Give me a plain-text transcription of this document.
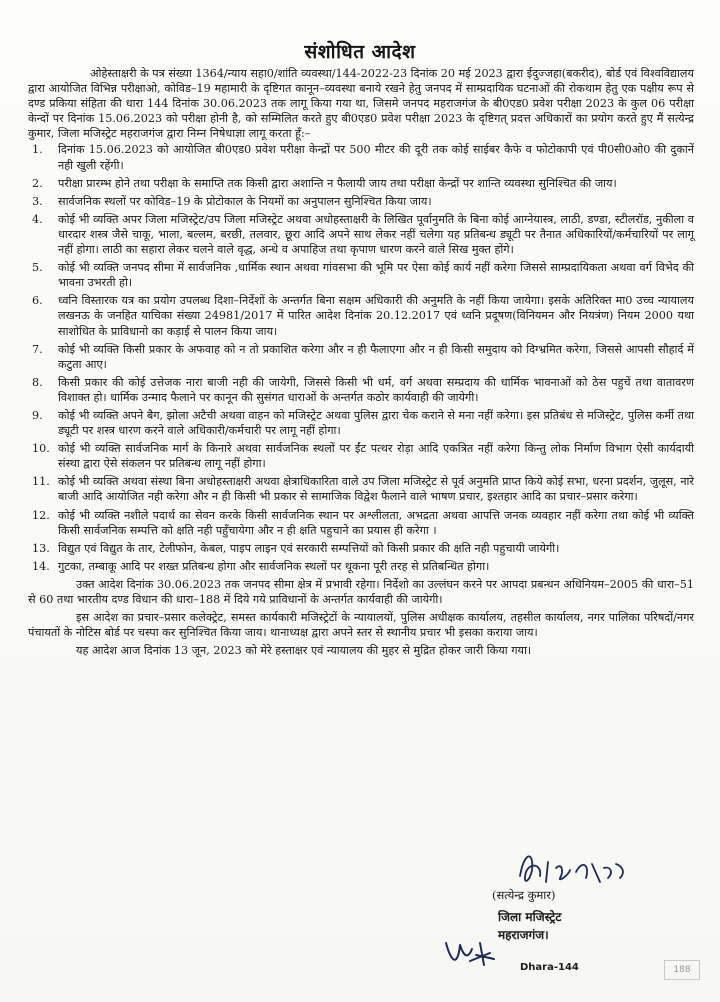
संशोधित आदेश

ओहेस्ताक्षरी के पत्र संख्या 1364/न्याय सहा0/शांति व्यवस्था/144-2022-23 दिनांक 20 मई 2023 द्वारा ईदुज्जहा(बकरीद), बोर्ड एवं विश्वविद्यालय द्वारा आयोजित विभिन्न परीक्षाओ, कोविड–19 महामारी के दृष्टिगत कानून–व्यवस्था बनाये रखने हेतु जनपद में साम्प्रदायिक घटनाओं की रोकथाम हेतु एक पक्षीय रूप से दण्ड प्रकिया संहिता की धारा 144 दिनांक 30.06.2023 तक लागू किया गया था, जिसमे जनपद महराजगंज के बी0एड0 प्रवेश परीक्षा 2023 के कुल 06 परीक्षा केन्दों पर दिनांक 15.06.2023 को परीक्षा होनी है, को सम्मिलित करते हुए बी0एड0 प्रवेश परीक्षा 2023 के दृष्टिगत् प्रदत्त अधिकारों का प्रयोग करते हुए मैं सत्येन्द्र कुमार, जिला मजिस्ट्रेट महराजगंज द्वारा निम्न निषेधाज्ञा लागू करता हूँ:–

1.	दिनांक 15.06.2023 को आयोजित बी0एड0 प्रवेश परीक्षा केन्द्रों पर 500 मीटर की दूरी तक कोई साईबर कैफे व फोटोकापी एवं पी0सी0ओ0 की दुकानें नही खुली रहेंगी।
2.	परीक्षा प्रारम्भ होने तथा परीक्षा के समाप्ति तक किसी द्वारा अशान्ति न फैलायी जाय तथा परीक्षा केन्द्रों पर शान्ति व्यवस्था सुनिश्चित की जाय।
3.	सार्वजनिक स्थलों पर कोविड–19 के प्रोटोकाल के नियमों का अनुपालन सुनिश्चित किया जाय।
4.	कोई भी व्यक्ति अपर जिला मजिस्ट्रेट/उप जिला मजिस्ट्रेट अथवा अधोहस्ताक्षरी के लिखित पूर्वानुमति के बिना कोई आग्नेयास्त्र, लाठी, डण्डा, स्टीलरॉड, नुकीला व धारदार शस्त्र जैसे चाकू, भाला, बल्लम, बरछी, तलवार, छूरा आदि अपने साथ लेकर नहीं चलेगा यह प्रतिबन्ध ड्यूटी पर तैनात अधिकारियों/कर्मचारियों पर लागू नहीं होगा। लाठी का सहारा लेकर चलने वाले वृद्ध, अन्धे व अपाहिज तथा कृपाण धारण करने वाले सिख मुक्त होंगे।
5.	कोई भी व्यक्ति जनपद सीमा में सार्वजनिक ,धार्मिक स्थान अथवा गांवसभा की भूमि पर ऐसा कोई कार्य नहीं करेगा जिससे साम्प्रदायिकता अथवा वर्ग विभेद की भावना उभरती हो।
6.	ध्वनि विस्तारक यत्र का प्रयोग उपलब्ध दिशा–निर्देशों के अन्तर्गत बिना सक्षम अधिकारी की अनुमति के नहीं किया जायेगा। इसके अतिरिक्त मा0 उच्च न्यायालय लखनऊ के जनहित याचिका संख्या 24981/2017 में पारित आदेश दिनांक 20.12.2017 एवं ध्वनि प्रदूषण(विनियमन और नियत्रंण) नियम 2000 यथा साशोधित के प्राविधानो का कड़ाई से पालन किया जाय।
7.	कोई भी व्यक्ति किसी प्रकार के अफवाह को न तो प्रकाशित करेगा और न ही फैलाएगा और न ही किसी समुदाय को दिग्भ्रमित करेगा, जिससे आपसी सौहार्द में कटुता आए।
8.	किसी प्रकार की कोई उत्तेजक नारा बाजी नही की जायेगी, जिससे किसी भी धर्म, वर्ग अथवा सम्प्रदाय की धार्मिक भावनाओं को ठेस पहुचें तथा वातावरण विशाक्त हो। धार्मिक उन्माद फैलाने पर कानून की सुसंगत धाराओं के अन्तर्गत कठोर कार्यवाही की जायेगी।
9.	कोई भी व्यक्ति अपने बैग, झोला अटैची अथवा वाहन को मजिस्ट्रेट अथवा पुलिस द्वारा चेक कराने से मना नहीं करेगा। इस प्रतिबंध से मजिस्ट्रेट, पुलिस कर्मी तथा ड्यूटी पर शस्त्र धारण करने वाले अधिकारी/कर्मचारी पर लागू नहीं होगा।
10. कोई भी व्यक्ति सार्वजनिक मार्ग के किनारे अथवा सार्वजनिक स्थलों पर ईंट पत्थर रोड़ा आदि एकत्रित नहीं करेगा किन्तु लोक निर्माण विभाग ऐसी कार्यदायी संस्था द्वारा ऐसे संकलन पर प्रतिबन्ध लागू नहीं होगा।
11. कोई भी व्यक्ति अथवा संस्था बिना अधोहस्ताक्षरी अथवा क्षेत्राधिकारिता वाले उप जिला मजिस्ट्रेट से पूर्व अनुमति प्राप्त किये कोई सभा, धरना प्रदर्शन, जुलूस, नारे बाजी आदि आयोजित नही करेगा और न ही किसी भी प्रकार से सामाजिक विद्वेश फैलाने वाले भाषण प्रचार, इश्तहार आदि का प्रचार–प्रसार करेगा।
12. कोई भी व्यक्ति नशीले पदार्थ का सेवन करके किसी सार्वजनिक स्थान पर अश्लीलता, अभद्रता अथवा आपत्ति जनक व्यवहार नहीं करेगा तथा कोई भी व्यक्ति किसी सार्वजनिक सम्पत्ति को क्षति नही पहुँचायेगा और न ही क्षति पहुचाने का प्रयास ही करेगा ।
13. विद्युत एवं विद्युत के तार, टेलीफोन, केबल, पाइप लाइन एवं सरकारी सम्पत्तियों को किसी प्रकार की क्षति नही पहुचायी जायेगी।
14. गुटका, तम्बाकू आदि पर शख्त प्रतिबन्ध होगा और सार्वजनिक स्थलों पर थूकना पूरी तरह से प्रतिबन्धित होगा।

उक्त आदेश दिनांक 30.06.2023 तक जनपद सीमा क्षेत्र में प्रभावी रहेगा। निर्देशो का उल्लंघन करने पर आपदा प्रबन्धन अधिनियम–2005 की धारा–51 से 60 तथा भारतीय दण्ड विधान की धारा–188 में दिये गये प्राविधानों के अन्तर्गत कार्यवाही की जायेगी।

इस आदेश का प्रचार–प्रसार कलेक्ट्रेट, समस्त कार्यकारी मजिस्ट्रेटों के न्यायालयों, पुलिस अधीक्षक कार्यालय, तहसील कार्यालय, नगर पालिका परिषदों/नगर पंचायतों के नोटिस बोर्ड पर चस्पा कर सुनिश्चित किया जाय। थानाध्यक्ष द्वारा अपने स्तर से स्थानीय प्रचार भी इसका कराया जाय।

यह आदेश आज दिनांक 13 जून, 2023 को मेरे हस्ताक्षर एवं न्यायालय की मुहर से मुद्रित होकर जारी किया गया।

(सत्येन्द्र कुमार)
जिला मजिस्ट्रेट
महराजगंज।
Dhara-144	188
